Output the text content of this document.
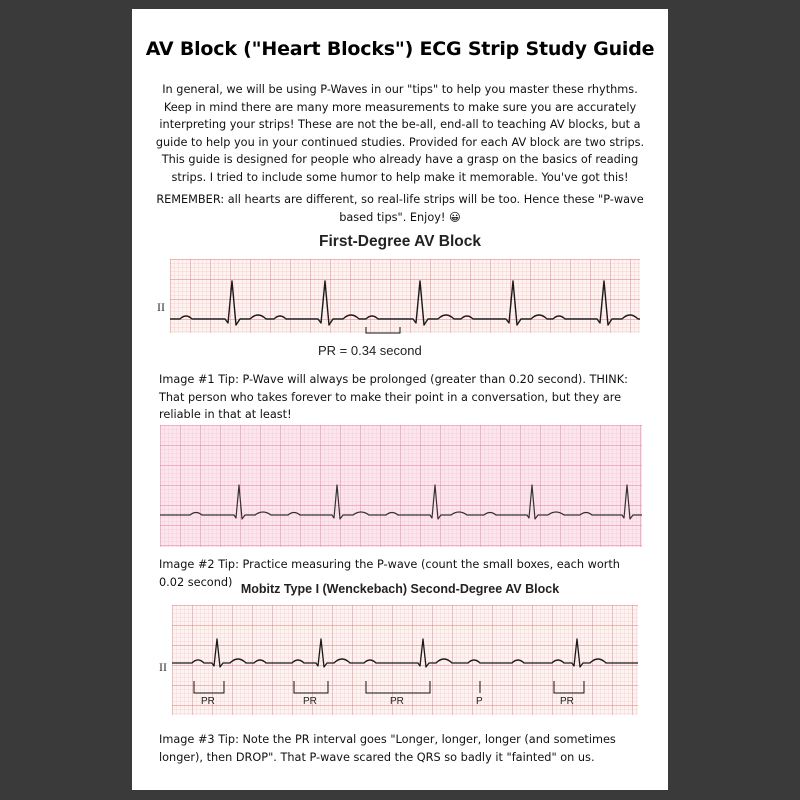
AV Block ("Heart Blocks") ECG Strip Study Guide
In general, we will be using P-Waves in our "tips" to help you master these rhythms. Keep in mind there are many more measurements to make sure you are accurately interpreting your strips! These are not the be-all, end-all to teaching AV blocks, but a guide to help you in your continued studies. Provided for each AV block are two strips. This guide is designed for people who already have a grasp on the basics of reading strips. I tried to include some humor to help make it memorable. You've got this!
REMEMBER: all hearts are different, so real-life strips will be too. Hence these "P-wave based tips". Enjoy! 😀
First-Degree AV Block
PR = 0.34 second
II
Image #1 Tip: P-Wave will always be prolonged (greater than 0.20 second). THINK: That person who takes forever to make their point in a conversation, but they are reliable in that at least!
Image #2 Tip: Practice measuring the P-wave (count the small boxes, each worth 0.02 second) Mobitz Type I (Wenckebach) Second-Degree AV Block
PR	PR	PR	P	PR
II
Image #3 Tip: Note the PR interval goes "Longer, longer, longer (and sometimes longer), then DROP". That P-wave scared the QRS so badly it "fainted" on us.
